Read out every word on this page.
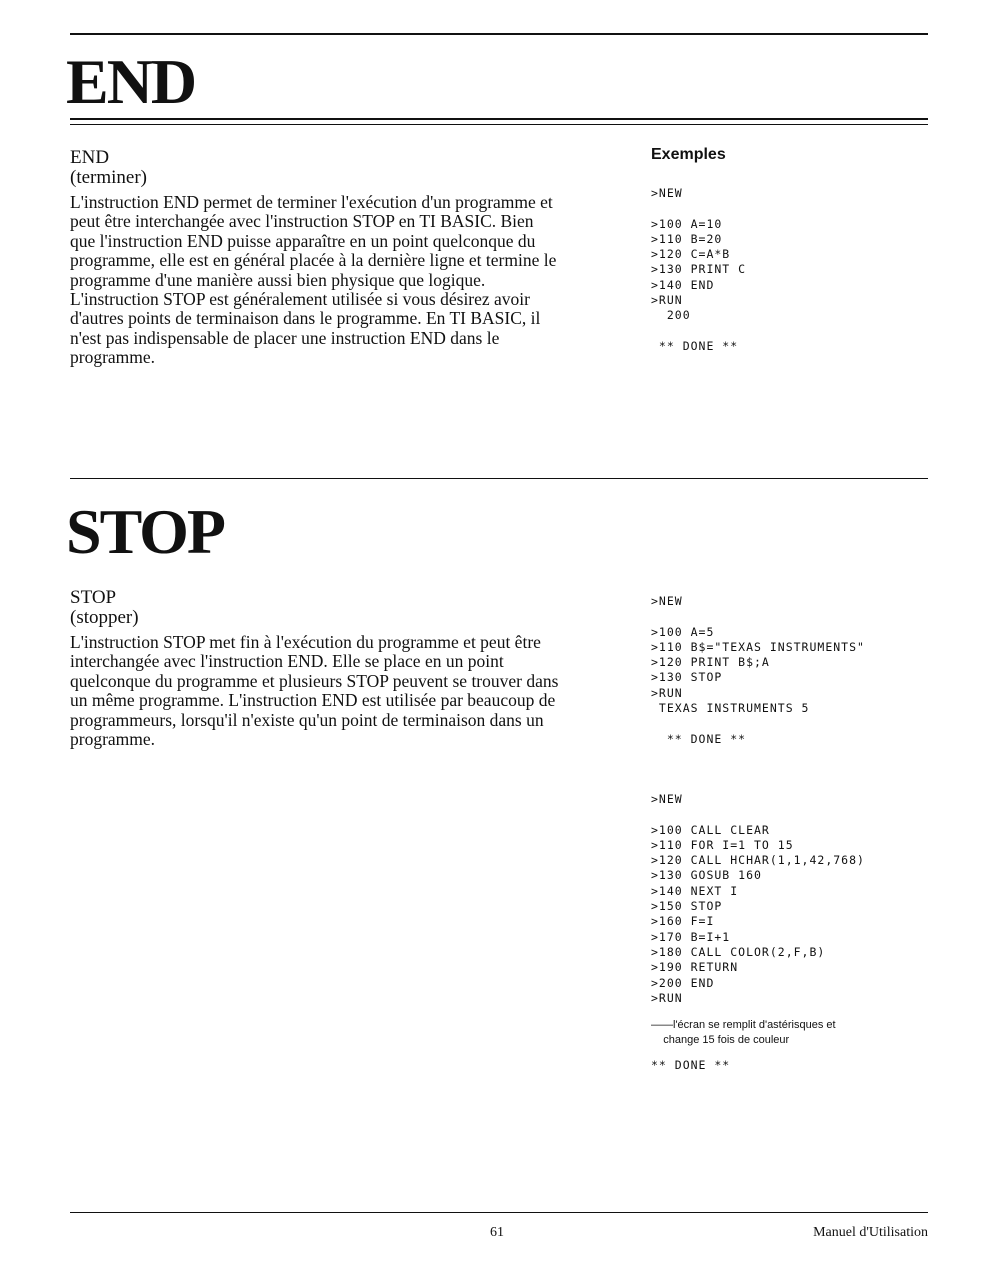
END
END
(terminer)
L'instruction END permet de terminer l'exécution d'un programme et
peut être interchangée avec l'instruction STOP en TI BASIC. Bien
que l'instruction END puisse apparaître en un point quelconque du
programme, elle est en général placée à la dernière ligne et termine le
programme d'une manière aussi bien physique que logique.
L'instruction STOP est généralement utilisée si vous désirez avoir
d'autres points de terminaison dans le programme. En TI BASIC, il
n'est pas indispensable de placer une instruction END dans le
programme.
Exemples
>NEW

>100 A=10
>110 B=20
>120 C=A*B
>130 PRINT C
>140 END
>RUN
200

** DONE **
STOP
STOP
(stopper)
L'instruction STOP met fin à l'exécution du programme et peut être
interchangée avec l'instruction END. Elle se place en un point
quelconque du programme et plusieurs STOP peuvent se trouver dans
un même programme. L'instruction END est utilisée par beaucoup de
programmeurs, lorsqu'il n'existe qu'un point de terminaison dans un
programme.
>NEW

>100 A=5
>110 B$="TEXAS INSTRUMENTS"
>120 PRINT B$;A
>130 STOP
>RUN
TEXAS INSTRUMENTS 5

** DONE **
>NEW

>100 CALL CLEAR
>110 FOR I=1 TO 15
>120 CALL HCHAR(1,1,42,768)
>130 GOSUB 160
>140 NEXT I
>150 STOP
>160 F=I
>170 B=I+1
>180 CALL COLOR(2,F,B)
>190 RETURN
>200 END
>RUN
——l'écran se remplit d'astérisques et
change 15 fois de couleur
** DONE **
61	Manuel d'Utilisation
